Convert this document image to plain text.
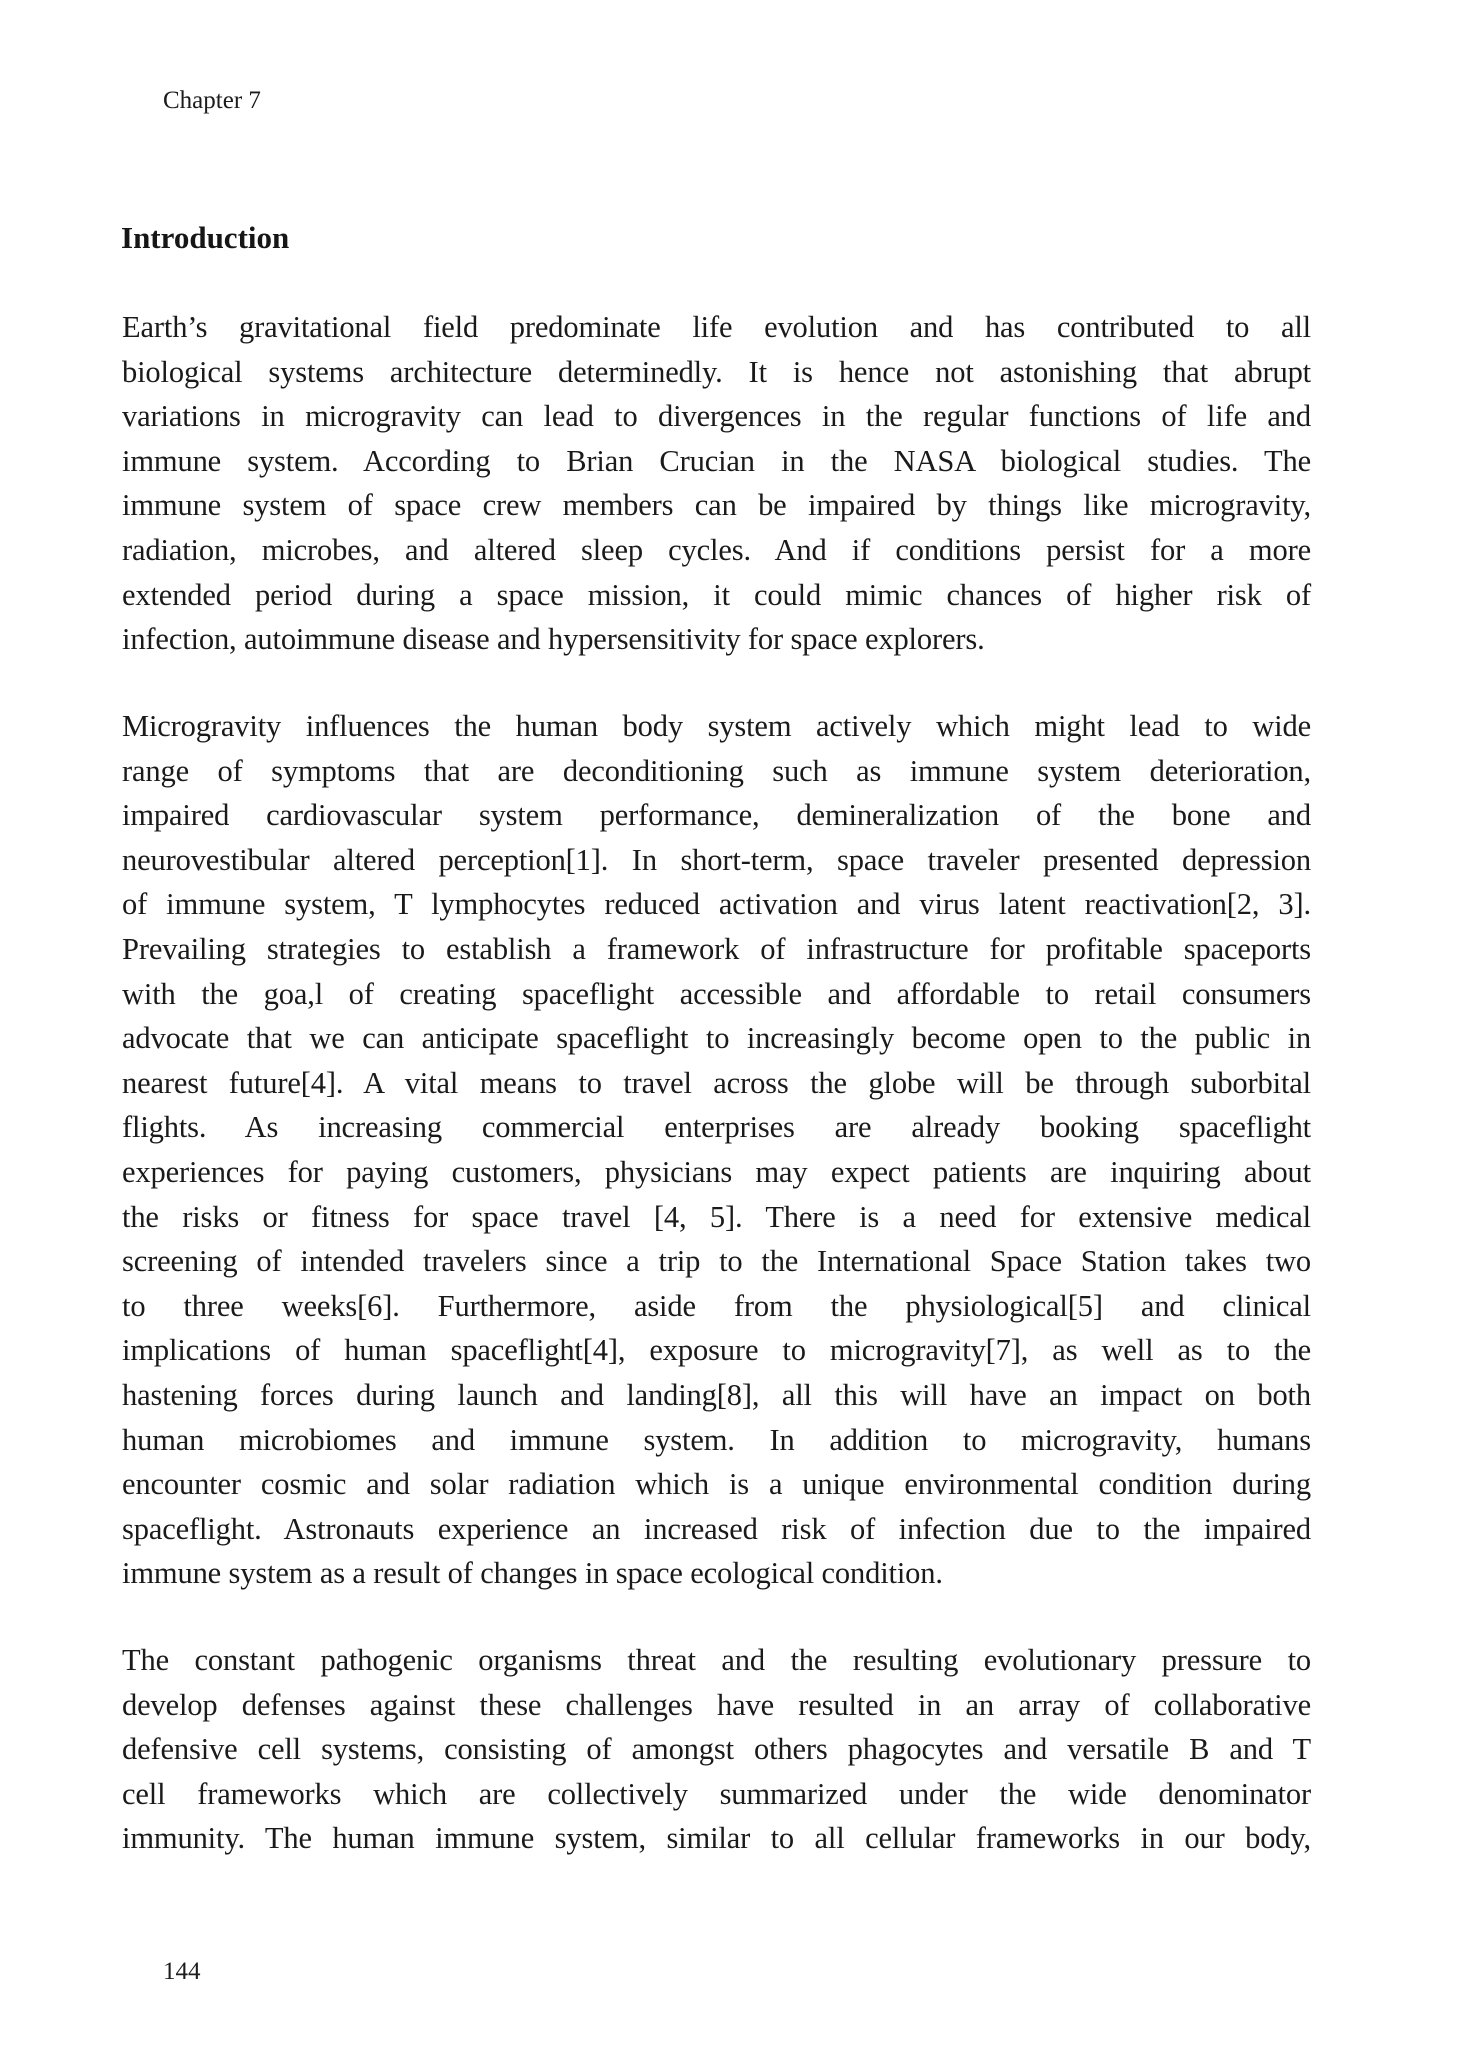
Chapter 7
Introduction

Earth’s gravitational field predominate life evolution and has contributed to all
biological systems architecture determinedly. It is hence not astonishing that abrupt
variations in microgravity can lead to divergences in the regular functions of life and
immune system. According to Brian Crucian in the NASA biological studies. The
immune system of space crew members can be impaired by things like microgravity,
radiation, microbes, and altered sleep cycles. And if conditions persist for a more
extended period during a space mission, it could mimic chances of higher risk of
infection, autoimmune disease and hypersensitivity for space explorers.

Microgravity influences the human body system actively which might lead to wide
range of symptoms that are deconditioning such as immune system deterioration,
impaired cardiovascular system performance, demineralization of the bone and
neurovestibular altered perception[1]. In short-term, space traveler presented depression
of immune system, T lymphocytes reduced activation and virus latent reactivation[2, 3].
Prevailing strategies to establish a framework of infrastructure for profitable spaceports
with the goa,l of creating spaceflight accessible and affordable to retail consumers
advocate that we can anticipate spaceflight to increasingly become open to the public in
nearest future[4]. A vital means to travel across the globe will be through suborbital
flights. As increasing commercial enterprises are already booking spaceflight
experiences for paying customers, physicians may expect patients are inquiring about
the risks or fitness for space travel [4, 5]. There is a need for extensive medical
screening of intended travelers since a trip to the International Space Station takes two
to three weeks[6]. Furthermore, aside from the physiological[5] and clinical
implications of human spaceflight[4], exposure to microgravity[7], as well as to the
hastening forces during launch and landing[8], all this will have an impact on both
human microbiomes and immune system. In addition to microgravity, humans
encounter cosmic and solar radiation which is a unique environmental condition during
spaceflight. Astronauts experience an increased risk of infection due to the impaired
immune system as a result of changes in space ecological condition.

The constant pathogenic organisms threat and the resulting evolutionary pressure to
develop defenses against these challenges have resulted in an array of collaborative
defensive cell systems, consisting of amongst others phagocytes and versatile B and T
cell frameworks which are collectively summarized under the wide denominator
immunity. The human immune system, similar to all cellular frameworks in our body,

144
